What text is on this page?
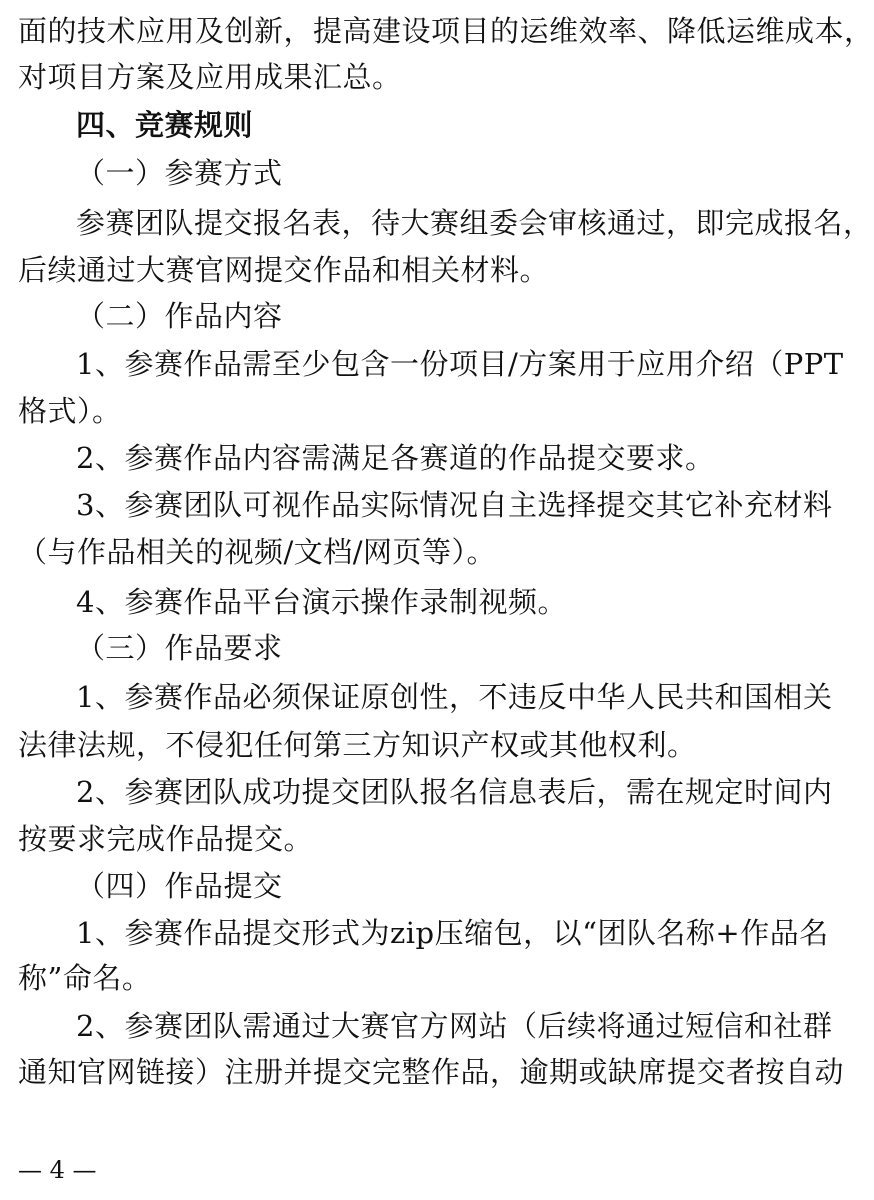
面的技术应用及创新，提高建设项目的运维效率、降低运维成本，
对项目方案及应用成果汇总。
四、竞赛规则
（一）参赛方式
参赛团队提交报名表，待大赛组委会审核通过，即完成报名，
后续通过大赛官网提交作品和相关材料。
（二）作品内容
1、参赛作品需至少包含一份项目/方案用于应用介绍（PPT
格式）。
2、参赛作品内容需满足各赛道的作品提交要求。
3、参赛团队可视作品实际情况自主选择提交其它补充材料
（与作品相关的视频/文档/网页等）。
4、参赛作品平台演示操作录制视频。
（三）作品要求
1、参赛作品必须保证原创性，不违反中华人民共和国相关
法律法规，不侵犯任何第三方知识产权或其他权利。
2、参赛团队成功提交团队报名信息表后，需在规定时间内
按要求完成作品提交。
（四）作品提交
1、参赛作品提交形式为zip压缩包，以“团队名称+作品名
称”命名。
2、参赛团队需通过大赛官方网站（后续将通过短信和社群
通知官网链接）注册并提交完整作品，逾期或缺席提交者按自动
— 4 —
